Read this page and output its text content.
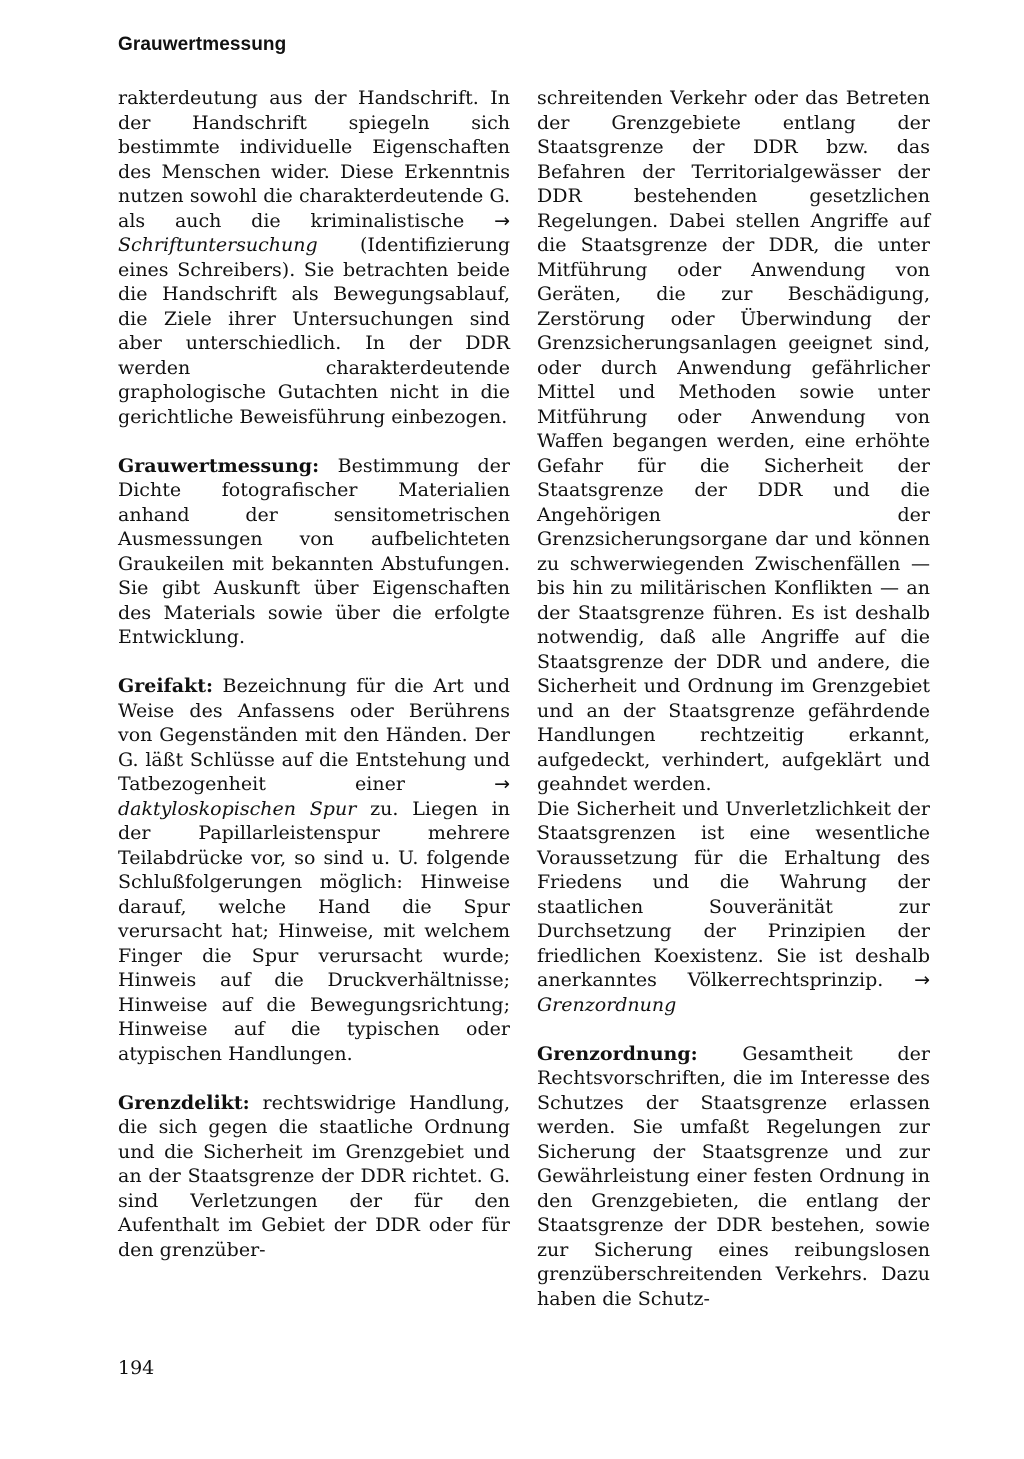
Grauwertmessung

rakterdeutung aus der Handschrift. In der Handschrift spiegeln sich bestimmte individuelle Eigenschaften des Menschen wider. Diese Erkenntnis nutzen sowohl die charakterdeutende G. als auch die kriminalistische → Schriftuntersuchung (Identifizierung eines Schreibers). Sie betrachten beide die Handschrift als Bewegungsablauf, die Ziele ihrer Untersuchungen sind aber unterschiedlich. In der DDR werden charakterdeutende graphologische Gutachten nicht in die gerichtliche Beweisführung einbezogen.

Grauwertmessung: Bestimmung der Dichte fotografischer Materialien anhand der sensitometrischen Ausmessungen von aufbelichteten Graukeilen mit bekannten Abstufungen. Sie gibt Auskunft über Eigenschaften des Materials sowie über die erfolgte Entwicklung.

Greifakt: Bezeichnung für die Art und Weise des Anfassens oder Berührens von Gegenständen mit den Händen. Der G. läßt Schlüsse auf die Entstehung und Tatbezogenheit einer	→ daktyloskopischen Spur zu. Liegen in der Papillarleistenspur mehrere Teilabdrücke vor, so sind u. U. folgende Schlußfolgerungen möglich: Hinweise darauf, welche Hand die Spur verursacht hat; Hinweise, mit welchem Finger die Spur verursacht wurde; Hinweis auf die Druckverhältnisse; Hinweise auf die Bewegungsrichtung; Hinweise auf die typischen oder atypischen Handlungen.

Grenzdelikt: rechtswidrige Handlung, die sich gegen die staatliche Ordnung und die Sicherheit im Grenzgebiet und an der Staatsgrenze der DDR richtet. G. sind Verletzungen der für den Aufenthalt im Gebiet der DDR oder für den grenzüber-

schreitenden Verkehr oder das Betreten der Grenzgebiete entlang der Staatsgrenze der DDR bzw. das Befahren der Territorialgewässer der DDR bestehenden gesetzlichen Regelungen. Dabei stellen Angriffe auf die Staatsgrenze der DDR, die unter Mitführung oder Anwendung von Geräten, die zur Beschädigung, Zerstörung oder Überwindung der Grenzsicherungsanlagen geeignet sind, oder durch Anwendung gefährlicher Mittel und Methoden sowie unter Mitführung oder Anwendung von Waffen begangen werden, eine erhöhte Gefahr für die Sicherheit der Staatsgrenze der DDR und die Angehörigen der Grenzsicherungsorgane dar und können zu schwerwiegenden Zwischenfällen — bis hin zu militärischen Konflikten — an der Staatsgrenze führen. Es ist deshalb notwendig, daß alle Angriffe auf die Staatsgrenze der DDR und andere, die Sicherheit und Ordnung im Grenzgebiet und an der Staatsgrenze gefährdende Handlungen rechtzeitig erkannt, aufgedeckt, verhindert, aufgeklärt und geahndet werden.

Die Sicherheit und Unverletzlichkeit der Staatsgrenzen ist eine wesentliche Voraussetzung für die Erhaltung des Friedens und die Wahrung der staatlichen Souveränität zur Durchsetzung der Prinzipien der friedlichen Koexistenz. Sie ist deshalb anerkanntes Völkerrechtsprinzip. → Grenzordnung

Grenzordnung: Gesamtheit der Rechtsvorschriften, die im Interesse des Schutzes der Staatsgrenze erlassen werden. Sie umfaßt Regelungen zur Sicherung der Staatsgrenze und zur Gewährleistung einer festen Ordnung in den Grenzgebieten, die entlang der Staatsgrenze der DDR bestehen, sowie zur Sicherung eines reibungslosen grenzüberschreitenden Verkehrs. Dazu haben die Schutz-

194
